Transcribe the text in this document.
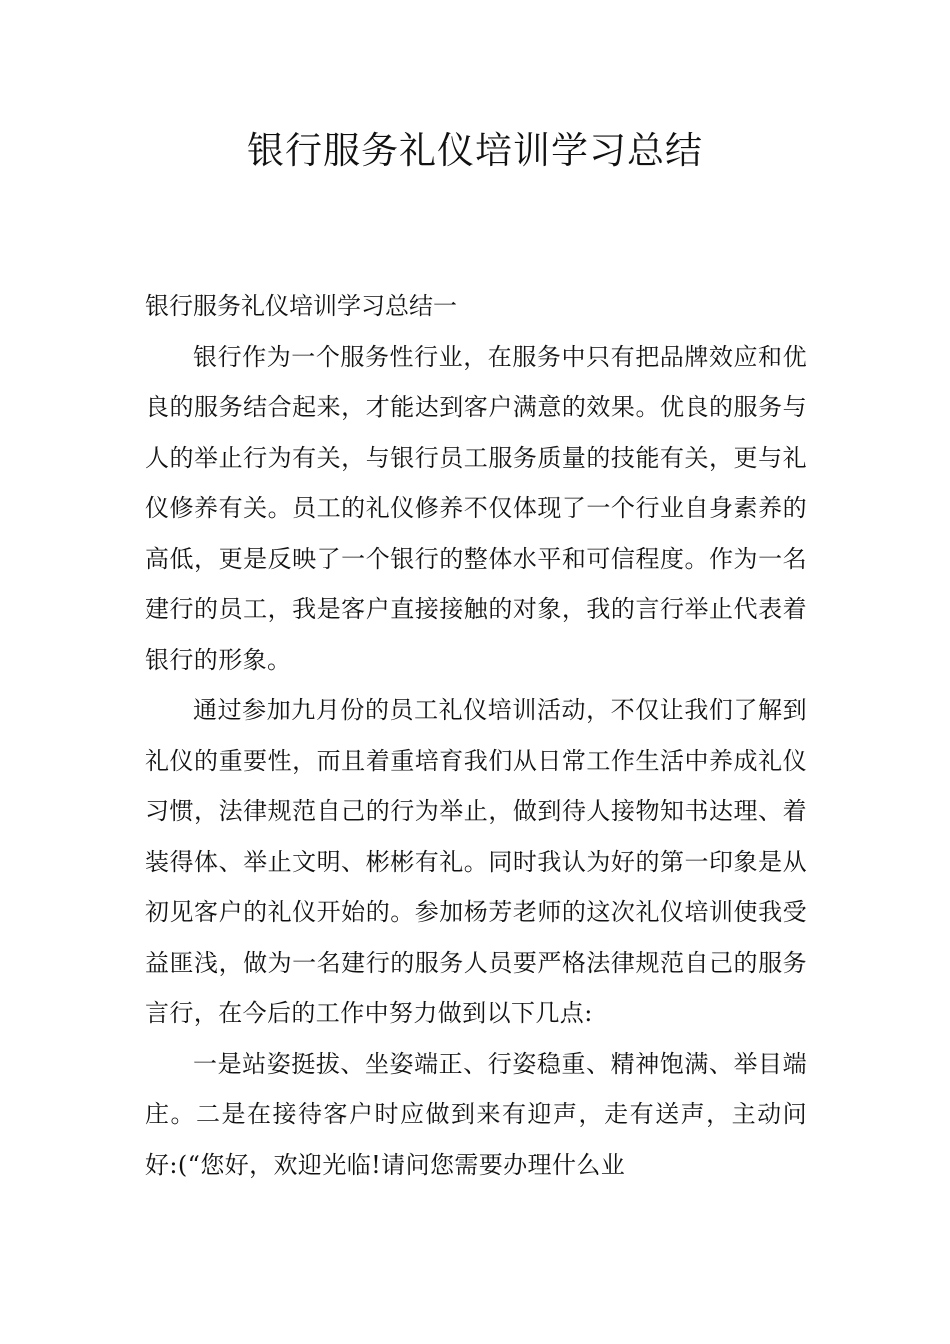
银行服务礼仪培训学习总结

银行服务礼仪培训学习总结一

银行作为一个服务性行业，在服务中只有把品牌效应和优良的服务结合起来，才能达到客户满意的效果。优良的服务与人的举止行为有关，与银行员工服务质量的技能有关，更与礼仪修养有关。员工的礼仪修养不仅体现了一个行业自身素养的高低，更是反映了一个银行的整体水平和可信程度。作为一名建行的员工，我是客户直接接触的对象，我的言行举止代表着银行的形象。

通过参加九月份的员工礼仪培训活动，不仅让我们了解到礼仪的重要性，而且着重培育我们从日常工作生活中养成礼仪习惯，法律规范自己的行为举止，做到待人接物知书达理、着装得体、举止文明、彬彬有礼。同时我认为好的第一印象是从初见客户的礼仪开始的。参加杨芳老师的这次礼仪培训使我受益匪浅，做为一名建行的服务人员要严格法律规范自己的服务言行，在今后的工作中努力做到以下几点:

一是站姿挺拔、坐姿端正、行姿稳重、精神饱满、举目端庄。二是在接待客户时应做到来有迎声，走有送声，主动问好:(“您好，欢迎光临!请问您需要办理什么业
